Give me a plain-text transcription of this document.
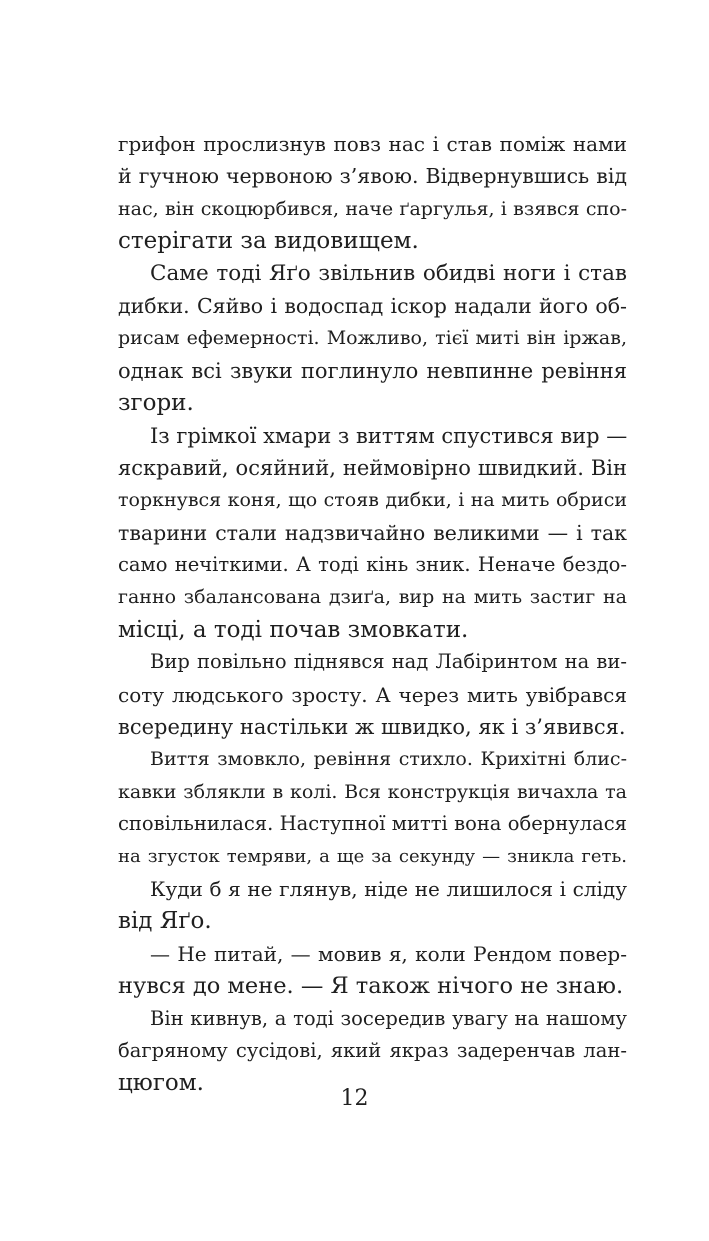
грифон прослизнув повз нас і став поміж нами
й гучною червоною з’явою. Відвернувшись від
нас, він скоцюрбився, наче ґаргулья, і взявся спо-
стерігати за видовищем.
Саме тоді Яґо звільнив обидві ноги і став
дибки. Сяйво і водоспад іскор надали його об-
рисам ефемерності. Можливо, тієї миті він іржав,
однак всі звуки поглинуло невпинне ревіння
згори.
Із грімкої хмари з виттям спустився вир —
яскравий, осяйний, неймовірно швидкий. Він
торкнувся коня, що стояв дибки, і на мить обриси
тварини стали надзвичайно великими — і так
само нечіткими. А тоді кінь зник. Неначе бездо-
ганно збалансована дзиґа, вир на мить застиг на
місці, а тоді почав змовкати.
Вир повільно піднявся над Лабіринтом на ви-
соту людського зросту. А через мить увібрався
всередину настільки ж швидко, як і з’явився.
Виття змовкло, ревіння стихло. Крихітні блис-
кавки зблякли в колі. Вся конструкція вичахла та
сповільнилася. Наступної митті вона обернулася
на згусток темряви, а ще за секунду — зникла геть.
Куди б я не глянув, ніде не лишилося і сліду
від Яґо.
— Не питай, — мовив я, коли Рендом повер-
нувся до мене. — Я також нічого не знаю.
Він кивнув, а тоді зосередив увагу на нашому
багряному сусідові, який якраз задеренчав лан-
цюгом.
12
